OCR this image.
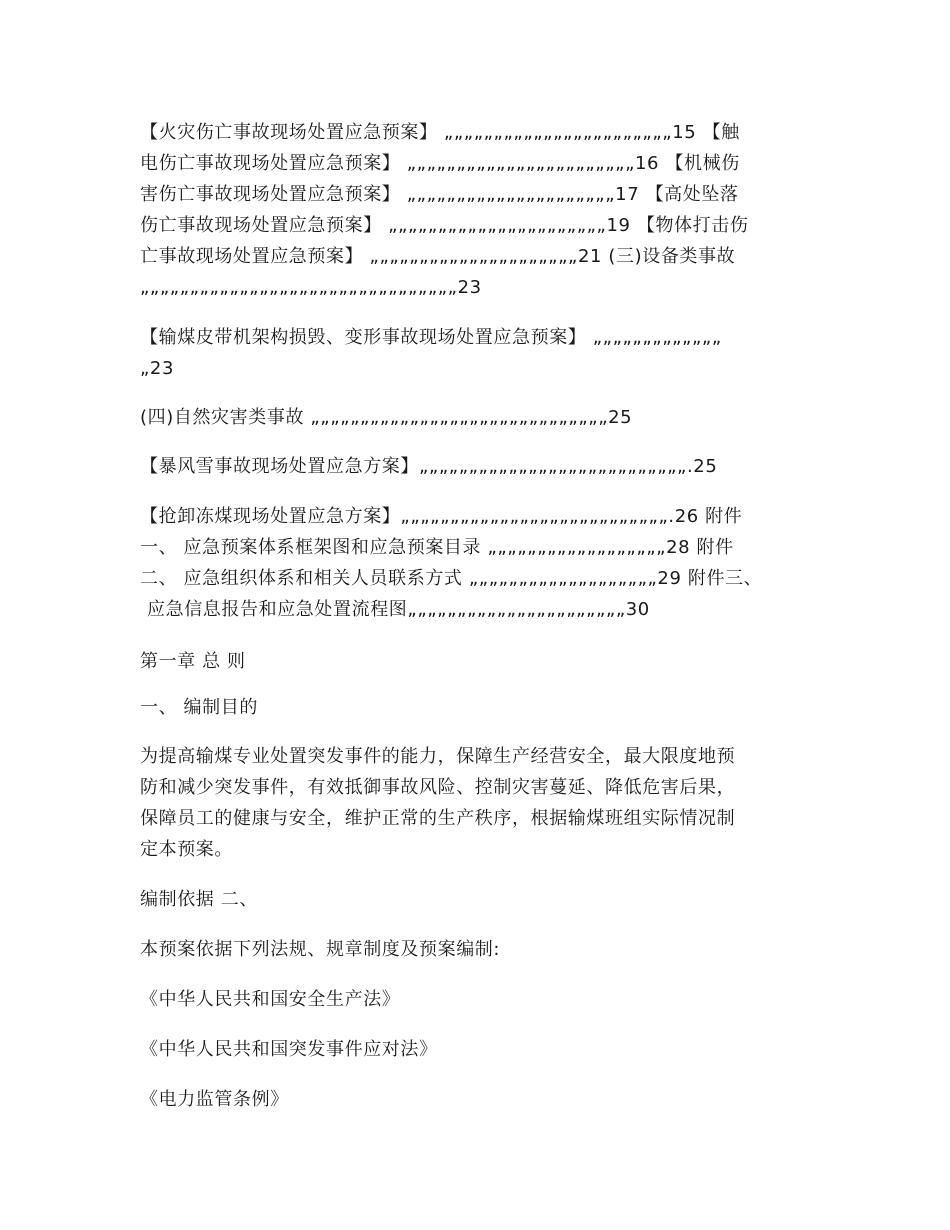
【火灾伤亡事故现场处置应急预案】 „„„„„„„„„„„„„„„„„„„„„„„15 【触
电伤亡事故现场处置应急预案】 „„„„„„„„„„„„„„„„„„„„„„„16 【机械伤
害伤亡事故现场处置应急预案】 „„„„„„„„„„„„„„„„„„„„„17 【高处坠落
伤亡事故现场处置应急预案】 „„„„„„„„„„„„„„„„„„„„„„19 【物体打击伤
亡事故现场处置应急预案】 „„„„„„„„„„„„„„„„„„„„„21 (三)设备类事故
„„„„„„„„„„„„„„„„„„„„„„„„„„„„„„„„23
【输煤皮带机架构损毁、变形事故现场处置应急预案】 „„„„„„„„„„„„„
„23
(四)自然灾害类事故 „„„„„„„„„„„„„„„„„„„„„„„„„„„„„„25
【暴风雪事故现场处置应急方案】„„„„„„„„„„„„„„„„„„„„„„„„„„„.25
【抢卸冻煤现场处置应急方案】„„„„„„„„„„„„„„„„„„„„„„„„„„„.26 附件
一、 应急预案体系框架图和应急预案目录 „„„„„„„„„„„„„„„„„„28 附件
二、 应急组织体系和相关人员联系方式 „„„„„„„„„„„„„„„„„„„29 附件三、
应急信息报告和应急处置流程图„„„„„„„„„„„„„„„„„„„„„„30
第一章 总 则
一、 编制目的
为提高输煤专业处置突发事件的能力，保障生产经营安全，最大限度地预
防和减少突发事件，有效抵御事故风险、控制灾害蔓延、降低危害后果，
保障员工的健康与安全，维护正常的生产秩序，根据输煤班组实际情况制
定本预案。
编制依据 二、
本预案依据下列法规、规章制度及预案编制:
《中华人民共和国安全生产法》
《中华人民共和国突发事件应对法》
《电力监管条例》
